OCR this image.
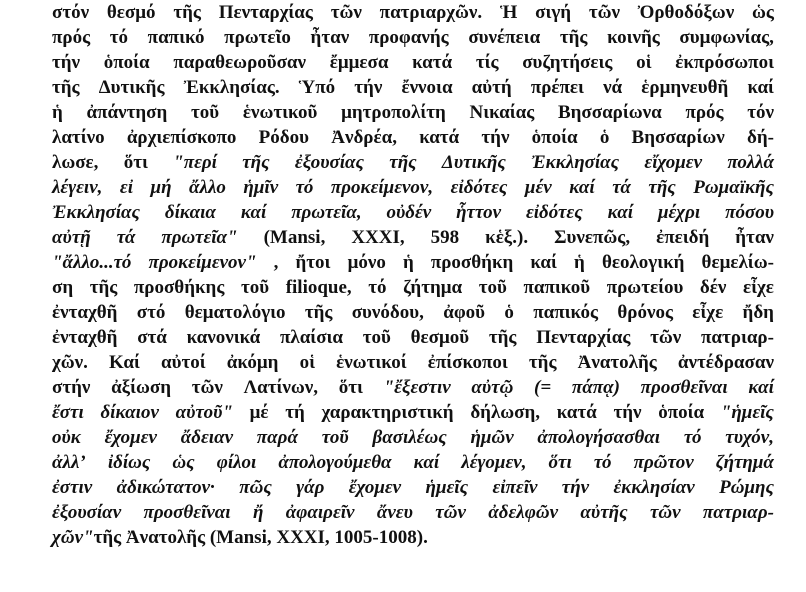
στόν θεσμό τῆς Πενταρχίας τῶν πατριαρχῶν. Ἡ σιγή τῶν Ὀρθοδόξων ὡς
πρός τό παπικό πρωτεῖο ἦταν προφανής συνέπεια τῆς κοινῆς συμφωνίας,
τήν ὁποία παραθεωροῦσαν ἔμμεσα κατά τίς συζητήσεις οἱ ἐκπρόσωποι
τῆς Δυτικῆς Ἐκκλησίας. Ὑπό τήν ἔννοια αὐτή πρέπει νά ἑρμηνευθῆ καί
ἡ ἀπάντηση τοῦ ἑνωτικοῦ μητροπολίτη Νικαίας Βησσαρίωνα πρός τόν
λατίνο ἀρχιεπίσκοπο Ρόδου Ἀνδρέα, κατά τήν ὁποία ὁ Βησσαρίων δή-
λωσε, ὅτι "περί τῆς ἐξουσίας τῆς Δυτικῆς Ἐκκλησίας εἴχομεν πολλά
λέγειν, εἰ μή ἄλλο ἡμῖν τό προκείμενον, εἰδότες μέν καί τά τῆς Ρωμαϊκῆς
Ἐκκλησίας δίκαια καί πρωτεῖα, οὐδέν ἧττον εἰδότες καί μέχρι πόσου
αὐτῇ τά πρωτεῖα" (Mansi, XXXI, 598 κἑξ.). Συνεπῶς, ἐπειδή ἦταν
"ἄλλο...τό προκείμενον" , ἤτοι μόνο ἡ προσθήκη καί ἡ θεολογική θεμελίω-
ση τῆς προσθήκης τοῦ filioque, τό ζήτημα τοῦ παπικοῦ πρωτείου δέν εἶχε
ἐνταχθῆ στό θεματολόγιο τῆς συνόδου, ἀφοῦ ὁ παπικός θρόνος εἶχε ἤδη
ἐνταχθῆ στά κανονικά πλαίσια τοῦ θεσμοῦ τῆς Πενταρχίας τῶν πατριαρ-
χῶν. Καί αὐτοί ἀκόμη οἱ ἑνωτικοί ἐπίσκοποι τῆς Ἀνατολῆς ἀντέδρασαν
στήν ἀξίωση τῶν Λατίνων, ὅτι "ἔξεστιν αὐτῷ (= πάπᾳ) προσθεῖναι καί
ἔστι δίκαιον αὐτοῦ" μέ τή χαρακτηριστική δήλωση, κατά τήν ὁποία "ἡμεῖς
οὐκ ἔχομεν ἄδειαν παρά τοῦ βασιλέως ἡμῶν ἀπολογήσασθαι τό τυχόν,
ἀλλ’ ἰδίως ὡς φίλοι ἀπολογούμεθα καί λέγομεν, ὅτι τό πρῶτον ζήτημά
ἐστιν ἀδικώτατον· πῶς γάρ ἔχομεν ἡμεῖς εἰπεῖν τήν ἐκκλησίαν Ρώμης
ἐξουσίαν προσθεῖναι ἤ ἀφαιρεῖν ἄνευ τῶν ἀδελφῶν αὐτῆς τῶν πατριαρ-
χῶν"τῆς Ἀνατολῆς (Mansi, XXXI, 1005-1008).
